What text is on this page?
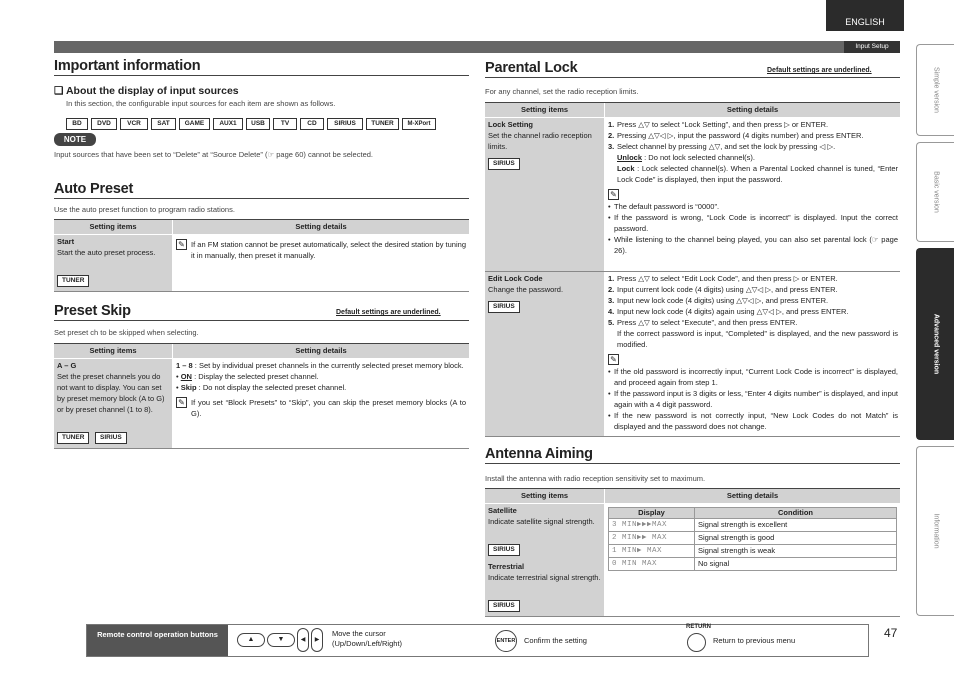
ENGLISH
Input Setup
Simple version
Basic version
Advanced version
Information
Important information
❑ About the display of input sources
In this section, the configurable input sources for each item are shown as follows.
BD DVD	VCR	SAT GAME AUX1 USB TV	CD	SIRIUS TUNER M-XPort
NOTE
Input sources that have been set to “Delete” at “Source Delete” (☞ page 60) cannot be selected.
Auto Preset
Use the auto preset function to program radio stations.
Setting items	Setting details
Start
Start the auto preset process.
TUNER
✎ If an FM station cannot be preset automatically, select the desired station by tuning it in manually, then preset it manually.
Preset Skip	Default settings are underlined.
Set preset ch to be skipped when selecting.
Setting items	Setting details
A – G
Set the preset channels you do not want to display. You can set by preset memory block (A to G) or by preset channel (1 to 8).
TUNER	SIRIUS
1 – 8 : Set by individual preset channels in the currently selected preset memory block.
• ON : Display the selected preset channel.
• Skip : Do not display the selected preset channel.
✎ If you set “Block Presets” to “Skip”, you can skip the preset memory blocks (A to G).
Parental Lock	Default settings are underlined.
For any channel, set the radio reception limits.
Setting items	Setting details
Lock Setting
Set the channel radio reception limits.
SIRIUS
1. Press △▽ to select “Lock Setting”, and then press ▷ or ENTER.
2. Pressing △▽◁ ▷, input the password (4 digits number) and press ENTER.
3. Select channel by pressing △▽, and set the lock by pressing ◁ ▷.
Unlock : Do not lock selected channel(s).
Lock : Lock selected channel(s). When a Parental Locked channel is tuned, “Enter Lock Code” is displayed, then input the password.
✎
• The default password is “0000”.
• If the password is wrong, “Lock Code is incorrect” is displayed. Input the correct password.
• While listening to the channel being played, you can also set parental lock (☞ page 26).
Edit Lock Code
Change the password.
SIRIUS
1. Press △▽ to select “Edit Lock Code”, and then press ▷ or ENTER.
2. Input current lock code (4 digits) using △▽◁ ▷, and press ENTER.
3. Input new lock code (4 digits) using △▽◁ ▷, and press ENTER.
4. Input new lock code (4 digits) again using △▽◁ ▷, and press ENTER.
5. Press △▽ to select “Execute”, and then press ENTER.
If the correct password is input, “Completed” is displayed, and the new password is modified.
✎
• If the old password is incorrectly input, “Current Lock Code is incorrect” is displayed, and proceed again from step 1.
• If the password input is 3 digits or less, “Enter 4 digits number” is displayed, and input again with a 4 digit password.
• If the new password is not correctly input, “New Lock Codes do not Match” is displayed and the password does not change.
Antenna Aiming
Install the antenna with radio reception sensitivity set to maximum.
Setting items	Setting details
Satellite
Indicate satellite signal strength.
SIRIUS
Terrestrial
Indicate terrestrial signal strength.
SIRIUS
Display	Condition
3 MIN▶▶▶MAX	Signal strength is excellent
2 MIN▶▶ MAX	Signal strength is good
1 MIN▶ MAX	Signal strength is weak
0 MIN MAX	No signal
Remote control operation buttons
▲	▼	◀	▶
Move the cursor (Up/Down/Left/Right)	ENTER Confirm the setting
RETURN
Return to previous menu
47
